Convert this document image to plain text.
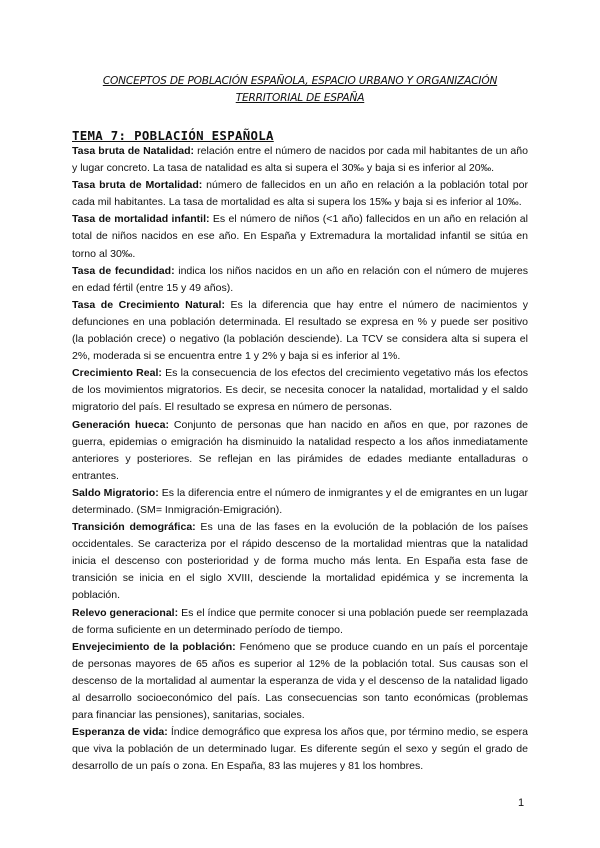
CONCEPTOS DE POBLACIÓN ESPAÑOLA, ESPACIO URBANO Y ORGANIZACIÓN
TERRITORIAL DE ESPAÑA
TEMA 7: POBLACIÓN ESPAÑOLA

Tasa bruta de Natalidad: relación entre el número de nacidos por cada mil habitantes de un año y lugar concreto. La tasa de natalidad es alta si supera el 30‰ y baja si es inferior al 20‰.

Tasa bruta de Mortalidad: número de fallecidos en un año en relación a la población total por cada mil habitantes. La tasa de mortalidad es alta si supera los 15‰ y baja si es inferior al 10‰.

Tasa de mortalidad infantil: Es el número de niños (<1 año) fallecidos en un año en relación al total de niños nacidos en ese año. En España y Extremadura la mortalidad infantil se sitúa en torno al 30‰.

Tasa de fecundidad: indica los niños nacidos en un año en relación con el número de mujeres en edad fértil (entre 15 y 49 años).

Tasa de Crecimiento Natural: Es la diferencia que hay entre el número de nacimientos y defunciones en una población determinada. El resultado se expresa en % y puede ser positivo (la población crece) o negativo (la población desciende). La TCV se considera alta si supera el 2%, moderada si se encuentra entre 1 y 2% y baja si es inferior al 1%.

Crecimiento Real: Es la consecuencia de los efectos del crecimiento vegetativo más los efectos de los movimientos migratorios. Es decir, se necesita conocer la natalidad, mortalidad y el saldo migratorio del país. El resultado se expresa en número de personas.

Generación hueca: Conjunto de personas que han nacido en años en que, por razones de guerra, epidemias o emigración ha disminuido la natalidad respecto a los años inmediatamente anteriores y posteriores. Se reflejan en las pirámides de edades mediante entalladuras o entrantes.

Saldo Migratorio: Es la diferencia entre el número de inmigrantes y el de emigrantes en un lugar determinado. (SM= Inmigración-Emigración).

Transición demográfica: Es una de las fases en la evolución de la población de los países occidentales. Se caracteriza por el rápido descenso de la mortalidad mientras que la natalidad inicia el descenso con posterioridad y de forma mucho más lenta. En España esta fase de transición se inicia en el siglo XVIII, desciende la mortalidad epidémica y se incrementa la población.

Relevo generacional: Es el índice que permite conocer si una población puede ser reemplazada de forma suficiente en un determinado período de tiempo.

Envejecimiento de la población: Fenómeno que se produce cuando en un país el porcentaje de personas mayores de 65 años es superior al 12% de la población total. Sus causas son el descenso de la mortalidad al aumentar la esperanza de vida y el descenso de la natalidad ligado al desarrollo socioeconómico del país. Las consecuencias son tanto económicas (problemas para financiar las pensiones), sanitarias, sociales.

Esperanza de vida: Índice demográfico que expresa los años que, por término medio, se espera que viva la población de un determinado lugar. Es diferente según el sexo y según el grado de desarrollo de un país o zona. En España, 83 las mujeres y 81 los hombres.

1
